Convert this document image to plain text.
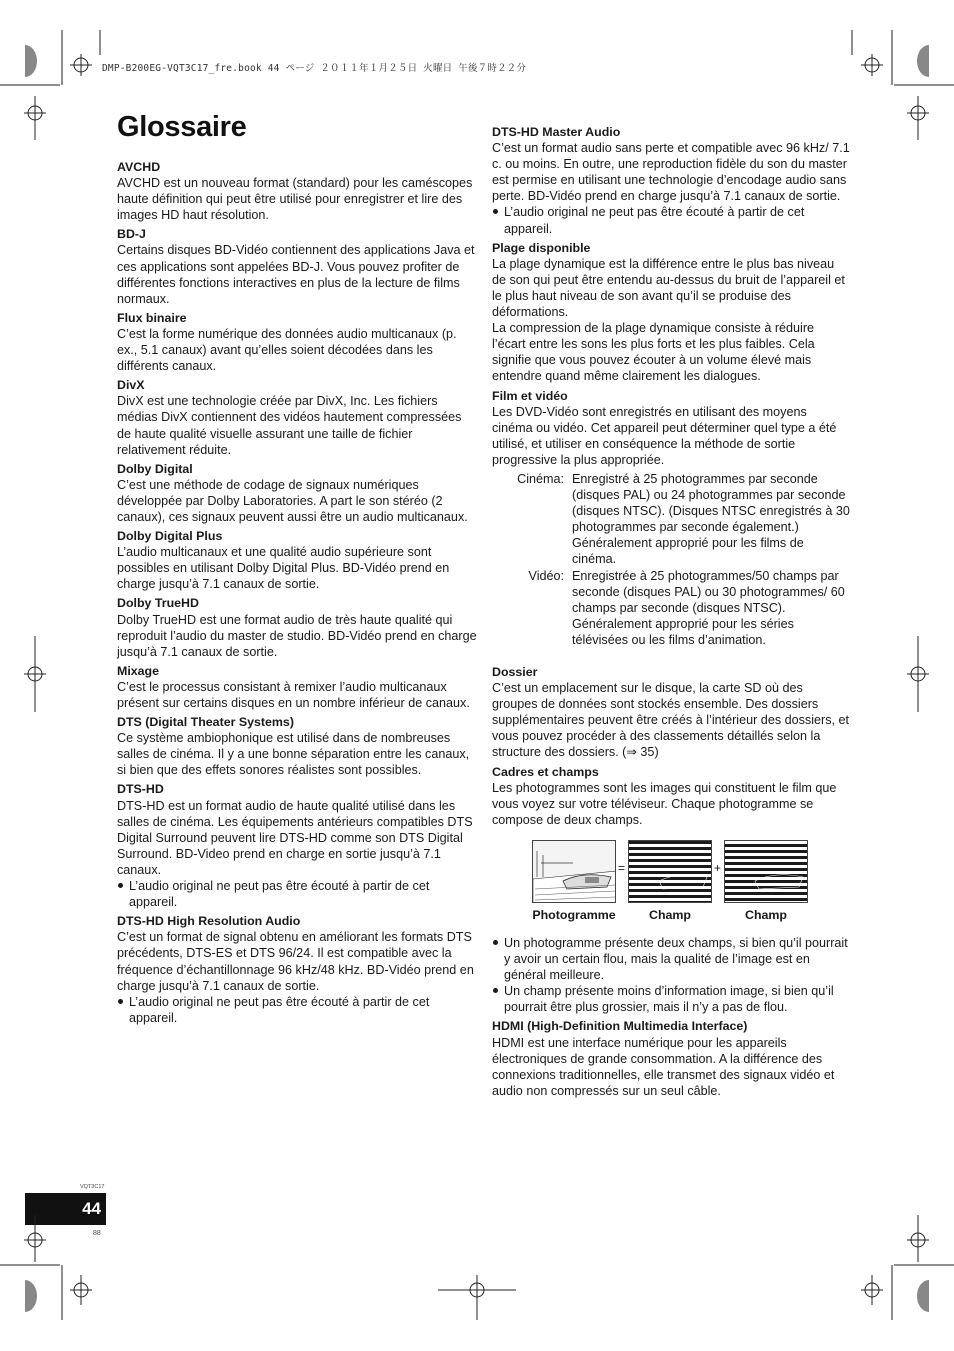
DMP-B200EG-VQT3C17_fre.book 44 ページ ２０１１年１月２５日 火曜日 午後７時２２分
Glossaire
AVCHD

AVCHD est un nouveau format (standard) pour les caméscopes haute définition qui peut être utilisé pour enregistrer et lire des images HD haut résolution.

BD-J

Certains disques BD-Vidéo contiennent des applications Java et ces applications sont appelées BD-J. Vous pouvez profiter de différentes fonctions interactives en plus de la lecture de films normaux.

Flux binaire

C’est la forme numérique des données audio multicanaux (p. ex., 5.1 canaux) avant qu’elles soient décodées dans les différents canaux.

DivX

DivX est une technologie créée par DivX, Inc. Les fichiers médias DivX contiennent des vidéos hautement compressées de haute qualité visuelle assurant une taille de fichier relativement réduite.

Dolby Digital

C’est une méthode de codage de signaux numériques développée par Dolby Laboratories. A part le son stéréo (2 canaux), ces signaux peuvent aussi être un audio multicanaux.

Dolby Digital Plus

L’audio multicanaux et une qualité audio supérieure sont possibles en utilisant Dolby Digital Plus. BD-Vidéo prend en charge jusqu’à 7.1 canaux de sortie.

Dolby TrueHD

Dolby TrueHD est une format audio de très haute qualité qui reproduit l’audio du master de studio. BD-Vidéo prend en charge jusqu’à 7.1 canaux de sortie.

Mixage

C’est le processus consistant à remixer l’audio multicanaux présent sur certains disques en un nombre inférieur de canaux.

DTS (Digital Theater Systems)

Ce système ambiophonique est utilisé dans de nombreuses salles de cinéma. Il y a une bonne séparation entre les canaux, si bien que des effets sonores réalistes sont possibles.

DTS-HD

DTS-HD est un format audio de haute qualité utilisé dans les salles de cinéma. Les équipements antérieurs compatibles DTS Digital Surround peuvent lire DTS-HD comme son DTS Digital Surround. BD-Video prend en charge en sortie jusqu’à 7.1 canaux.

L’audio original ne peut pas être écouté à partir de cet appareil.

DTS-HD High Resolution Audio

C’est un format de signal obtenu en améliorant les formats DTS précédents, DTS-ES et DTS 96/24. Il est compatible avec la fréquence d’échantillonnage 96 kHz/48 kHz. BD-Vidéo prend en charge jusqu’à 7.1 canaux de sortie.

L’audio original ne peut pas être écouté à partir de cet appareil.

DTS-HD Master Audio

C’est un format audio sans perte et compatible avec 96 kHz/ 7.1 c. ou moins. En outre, une reproduction fidèle du son du master est permise en utilisant une technologie d’encodage audio sans perte. BD-Vidéo prend en charge jusqu’à 7.1 canaux de sortie.

L’audio original ne peut pas être écouté à partir de cet appareil.

Plage disponible

La plage dynamique est la différence entre le plus bas niveau de son qui peut être entendu au-dessus du bruit de l’appareil et le plus haut niveau de son avant qu’il se produise des déformations.

La compression de la plage dynamique consiste à réduire l’écart entre les sons les plus forts et les plus faibles. Cela signifie que vous pouvez écouter à un volume élevé mais entendre quand même clairement les dialogues.

Film et vidéo

Les DVD-Vidéo sont enregistrés en utilisant des moyens cinéma ou vidéo. Cet appareil peut déterminer quel type a été utilisé, et utiliser en conséquence la méthode de sortie progressive la plus appropriée.

Cinéma: Enregistré à 25 photogrammes par seconde (disques PAL) ou 24 photogrammes par seconde (disques NTSC). (Disques NTSC enregistrés à 30 photogrammes par seconde également.) Généralement approprié pour les films de cinéma.
Vidéo: Enregistrée à 25 photogrammes/50 champs par seconde (disques PAL) ou 30 photogrammes/ 60 champs par seconde (disques NTSC). Généralement approprié pour les séries télévisées ou les films d’animation.
Dossier

C’est un emplacement sur le disque, la carte SD où des groupes de données sont stockés ensemble. Des dossiers supplémentaires peuvent être créés à l’intérieur des dossiers, et vous pouvez procéder à des classements détaillés selon la structure des dossiers. (⇒ 35)

Cadres et champs

Les photogrammes sont les images qui constituent le film que vous voyez sur votre téléviseur. Chaque photogramme se compose de deux champs.

=	+
Photogramme	Champ	Champ

Un photogramme présente deux champs, si bien qu’il pourrait y avoir un certain flou, mais la qualité de l’image est en général meilleure.

Un champ présente moins d’information image, si bien qu’il pourrait être plus grossier, mais il n’y a pas de flou.

HDMI (High-Definition Multimedia Interface)

HDMI est une interface numérique pour les appareils électroniques de grande consommation. A la différence des connexions traditionnelles, elle transmet des signaux vidéo et audio non compressés sur un seul câble.

VQT3C17
44
88
